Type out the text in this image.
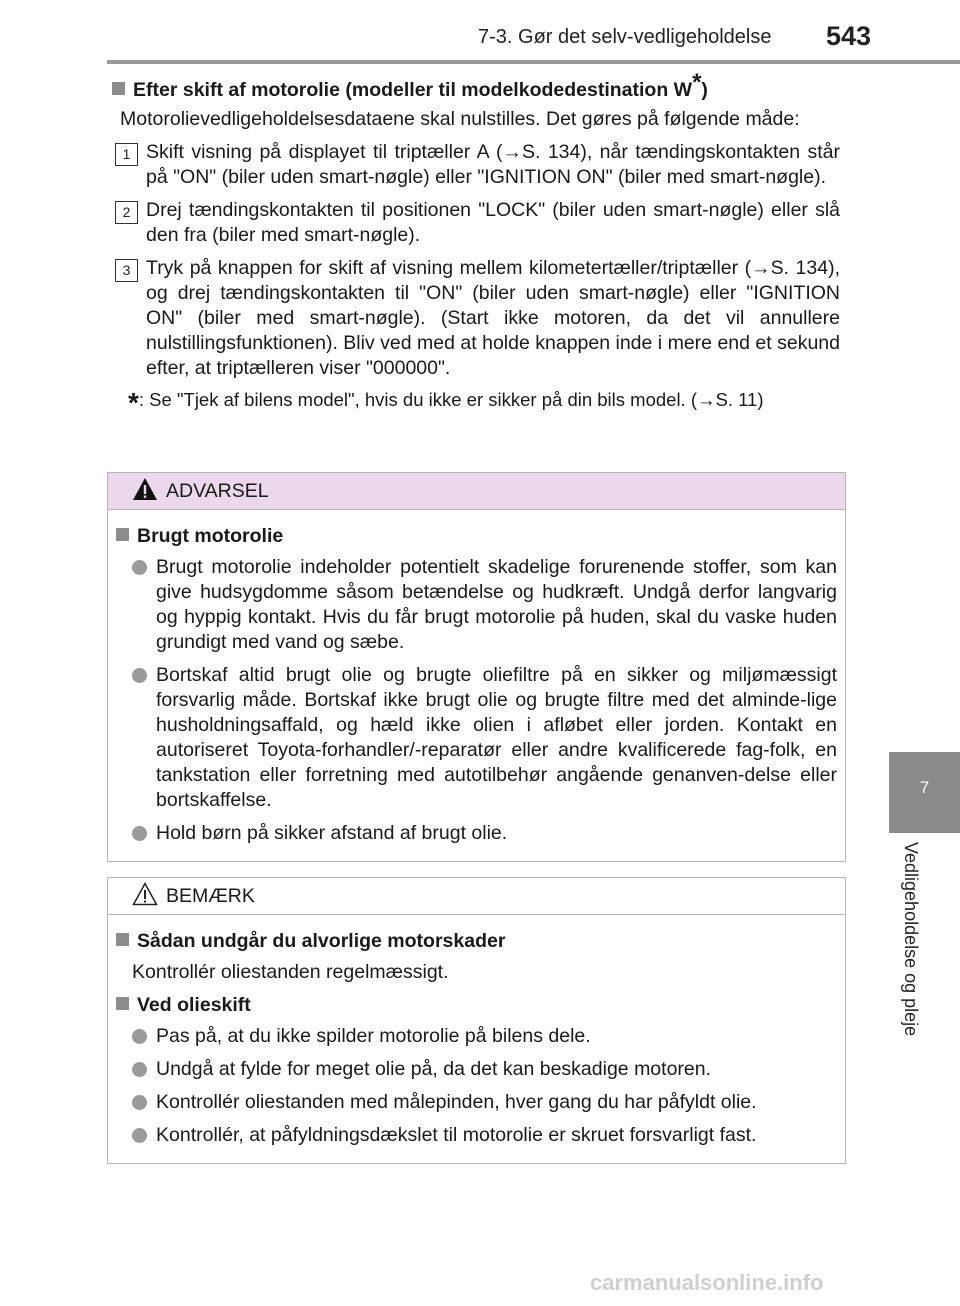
7-3. Gør det selv-vedligeholdelse 543
7
Vedligeholdelse og pleje
Efter skift af motorolie (modeller til modelkodedestination W*)
Motorolievedligeholdelsesdataene skal nulstilles. Det gøres på følgende måde:
1 Skift visning på displayet til triptæller A (→S. 134), når tændingskontakten står på "ON" (biler uden smart-nøgle) eller "IGNITION ON" (biler med smart-nøgle).
2 Drej tændingskontakten til positionen "LOCK" (biler uden smart-nøgle) eller slå den fra (biler med smart-nøgle).
3 Tryk på knappen for skift af visning mellem kilometertæller/triptæller (→S. 134), og drej tændingskontakten til "ON" (biler uden smart-nøgle) eller "IGNITION ON" (biler med smart-nøgle). (Start ikke motoren, da det vil annullere nulstillingsfunktionen). Bliv ved med at holde knappen inde i mere end et sekund efter, at triptælleren viser "000000".
*: Se "Tjek af bilens model", hvis du ikke er sikker på din bils model. (→S. 11)
ADVARSEL
Brugt motorolie
Brugt motorolie indeholder potentielt skadelige forurenende stoffer, som kan give hudsygdomme såsom betændelse og hudkræft. Undgå derfor langvarig og hyppig kontakt. Hvis du får brugt motorolie på huden, skal du vaske huden grundigt med vand og sæbe.
Bortskaf altid brugt olie og brugte oliefiltre på en sikker og miljømæssigt forsvarlig måde. Bortskaf ikke brugt olie og brugte filtre med det alminde-lige husholdningsaffald, og hæld ikke olien i afløbet eller jorden. Kontakt en autoriseret Toyota-forhandler/-reparatør eller andre kvalificerede fag-folk, en tankstation eller forretning med autotilbehør angående genanven-delse eller bortskaffelse.
Hold børn på sikker afstand af brugt olie.
BEMÆRK
Sådan undgår du alvorlige motorskader
Kontrollér oliestanden regelmæssigt.
Ved olieskift
Pas på, at du ikke spilder motorolie på bilens dele.
Undgå at fylde for meget olie på, da det kan beskadige motoren.
Kontrollér oliestanden med målepinden, hver gang du har påfyldt olie.
Kontrollér, at påfyldningsdækslet til motorolie er skruet forsvarligt fast.
carmanualsonline.info
